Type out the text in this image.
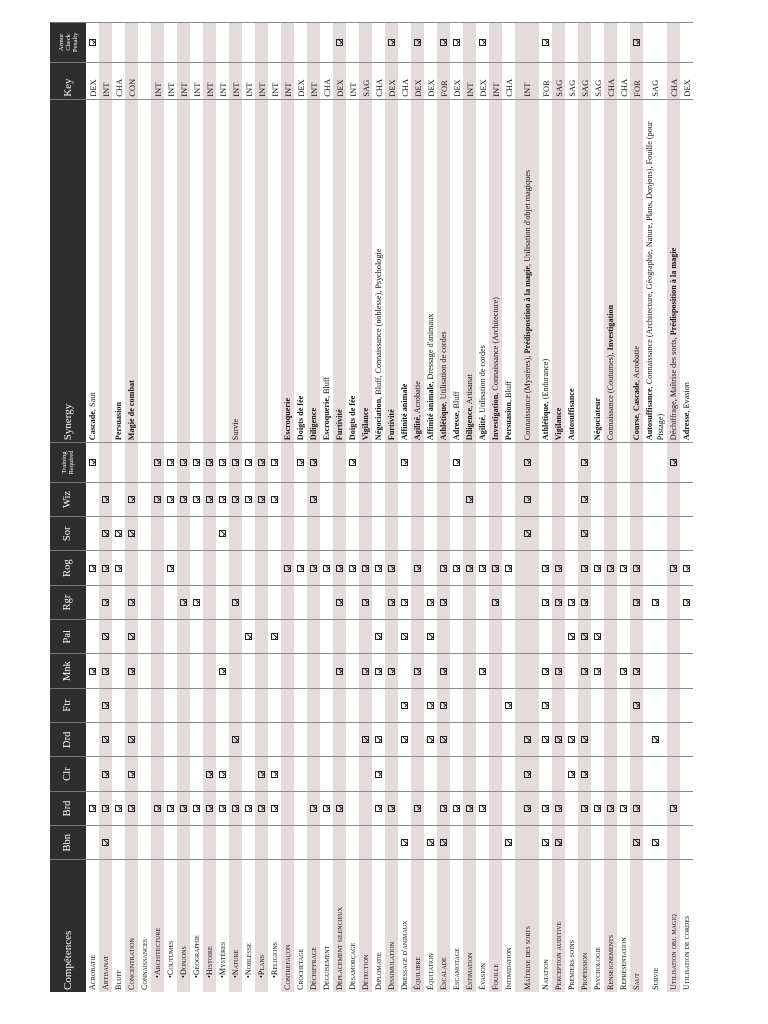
Compétences	Bbn	Brd	Clr	Drd	Ftr	Mnk	Pal	Rgr	Rog	Sor	Wiz	Training Required	Synergy	Key	Armor Check Penalty
Acrobatie													Cascade, Saut	DEX	
Artisanat														INT	
Bluff													Persuasion	CHA	
Concentration													Magie de combat	CON	
Connaissances															
•Architecture														INT	
•Coutumes														INT	
•Donjons														INT	
•Géographie														INT	
•Histoire														INT	
•Mystères														INT	
•Nature													Survie	INT	
•Noblesse														INT	
•Plans														INT	
•Religions														INT	
Contrefaçon													Escroquerie	INT	
Crochetage													Doigts de fée	DEX	
Déchiffrage													Diligence	INT	
Déguisement													Escroquerie, Bluff	CHA	
Déplacement silencieux													Furtivité	DEX	
Désamorçage													Doigts de fée	INT	
Détection													Vigilance	SAG	
Diplomatie													Négociation, Bluff, Connaissance (noblesse), Psychologie	CHA	
Dissimulation													Furtivité	DEX	
Dressage d'animaux													Affinité animale	CHA	
Équilibre													Agilité, Acrobatie	DEX	
Équitation													Affinité animale, Dressage d'animaux	DEX	
Escalade													Athlétique, Utilisation de cordes	FOR	
Escamotage													Adresse, Bluff	DEX	
Estimation													Diligence, Artisanat	INT	
Évasion													Agilité, Utilisation de cordes	DEX	
Fouille													Investigation, Connaissance (Architecture)	INT	
Intimidation													Persuasion, Bluff	CHA	
Maîtrise des sorts													Connaissance (Mystères), Prédisposition à la magie, Utilisation d'objet magiques	INT	
Natation													Athlétique, (Endurance)	FOR	
Perception auditive													Vigilance	SAG	
Premiers soins													Autosuffisance	SAG	
Profession														SAG	
Psychologie													Négociateur	SAG	
Renseignements													Connaissance (Coutumes), Investigation	CHA	
Représentation														CHA	
Saut													Course, Cascade, Acrobatie	FOR	
Survie													Autosuffisance, Connaissance (Architecture, Géographie, Nature, Plans, Donjons), Fouille (pour Pistage)	SAG	
Utilisation obj. magiq													Déchiffrage, Maîtrise des sorts, Prédisposition à la magie	CHA	
Utilisation de cordes													Adresse, Evasion	DEX	
